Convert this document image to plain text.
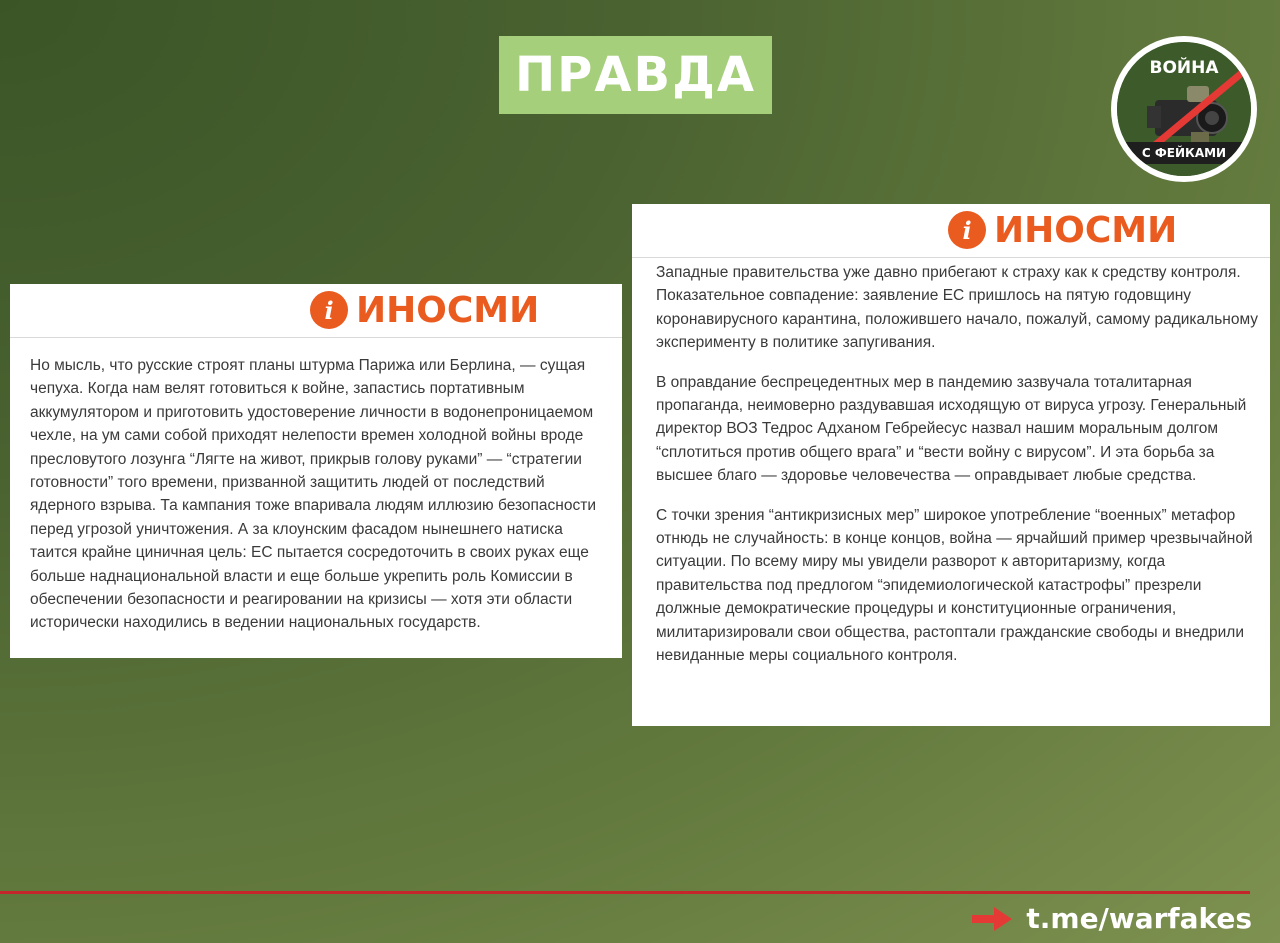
ПРАВДА	ВОЙНА
С ФЕЙКАМИ
i ИНОСМИ

Но мысль, что русские строят планы штурма Парижа или Берлина, — сущая чепуха. Когда нам велят готовиться к войне, запастись портативным аккумулятором и приготовить удостоверение личности в водонепроницаемом чехле, на ум сами собой приходят нелепости времен холодной войны вроде пресловутого лозунга “Лягте на живот, прикрыв голову руками” — “стратегии готовности” того времени, призванной защитить людей от последствий ядерного взрыва. Та кампания тоже впаривала людям иллюзию безопасности перед угрозой уничтожения. А за клоунским фасадом нынешнего натиска таится крайне циничная цель: ЕС пытается сосредоточить в своих руках еще больше наднациональной власти и еще больше укрепить роль Комиссии в обеспечении безопасности и реагировании на кризисы — хотя эти области исторически находились в ведении национальных государств.

i ИНОСМИ

Западные правительства уже давно прибегают к страху как к средству контроля. Показательное совпадение: заявление ЕС пришлось на пятую годовщину коронавирусного карантина, положившего начало, пожалуй, самому радикальному эксперименту в политике запугивания.

В оправдание беспрецедентных мер в пандемию зазвучала тоталитарная пропаганда, неимоверно раздувавшая исходящую от вируса угрозу. Генеральный директор ВОЗ Тедрос Адханом Гебрейесус назвал нашим моральным долгом “сплотиться против общего врага” и “вести войну с вирусом”. И эта борьба за высшее благо — здоровье человечества — оправдывает любые средства.

С точки зрения “антикризисных мер” широкое употребление “военных” метафор отнюдь не случайность: в конце концов, война — ярчайший пример чрезвычайной ситуации. По всему миру мы увидели разворот к авторитаризму, когда правительства под предлогом “эпидемиологической катастрофы” презрели должные демократические процедуры и конституционные ограничения, милитаризировали свои общества, растоптали гражданские свободы и внедрили невиданные меры социального контроля.

t.me/warfakes
